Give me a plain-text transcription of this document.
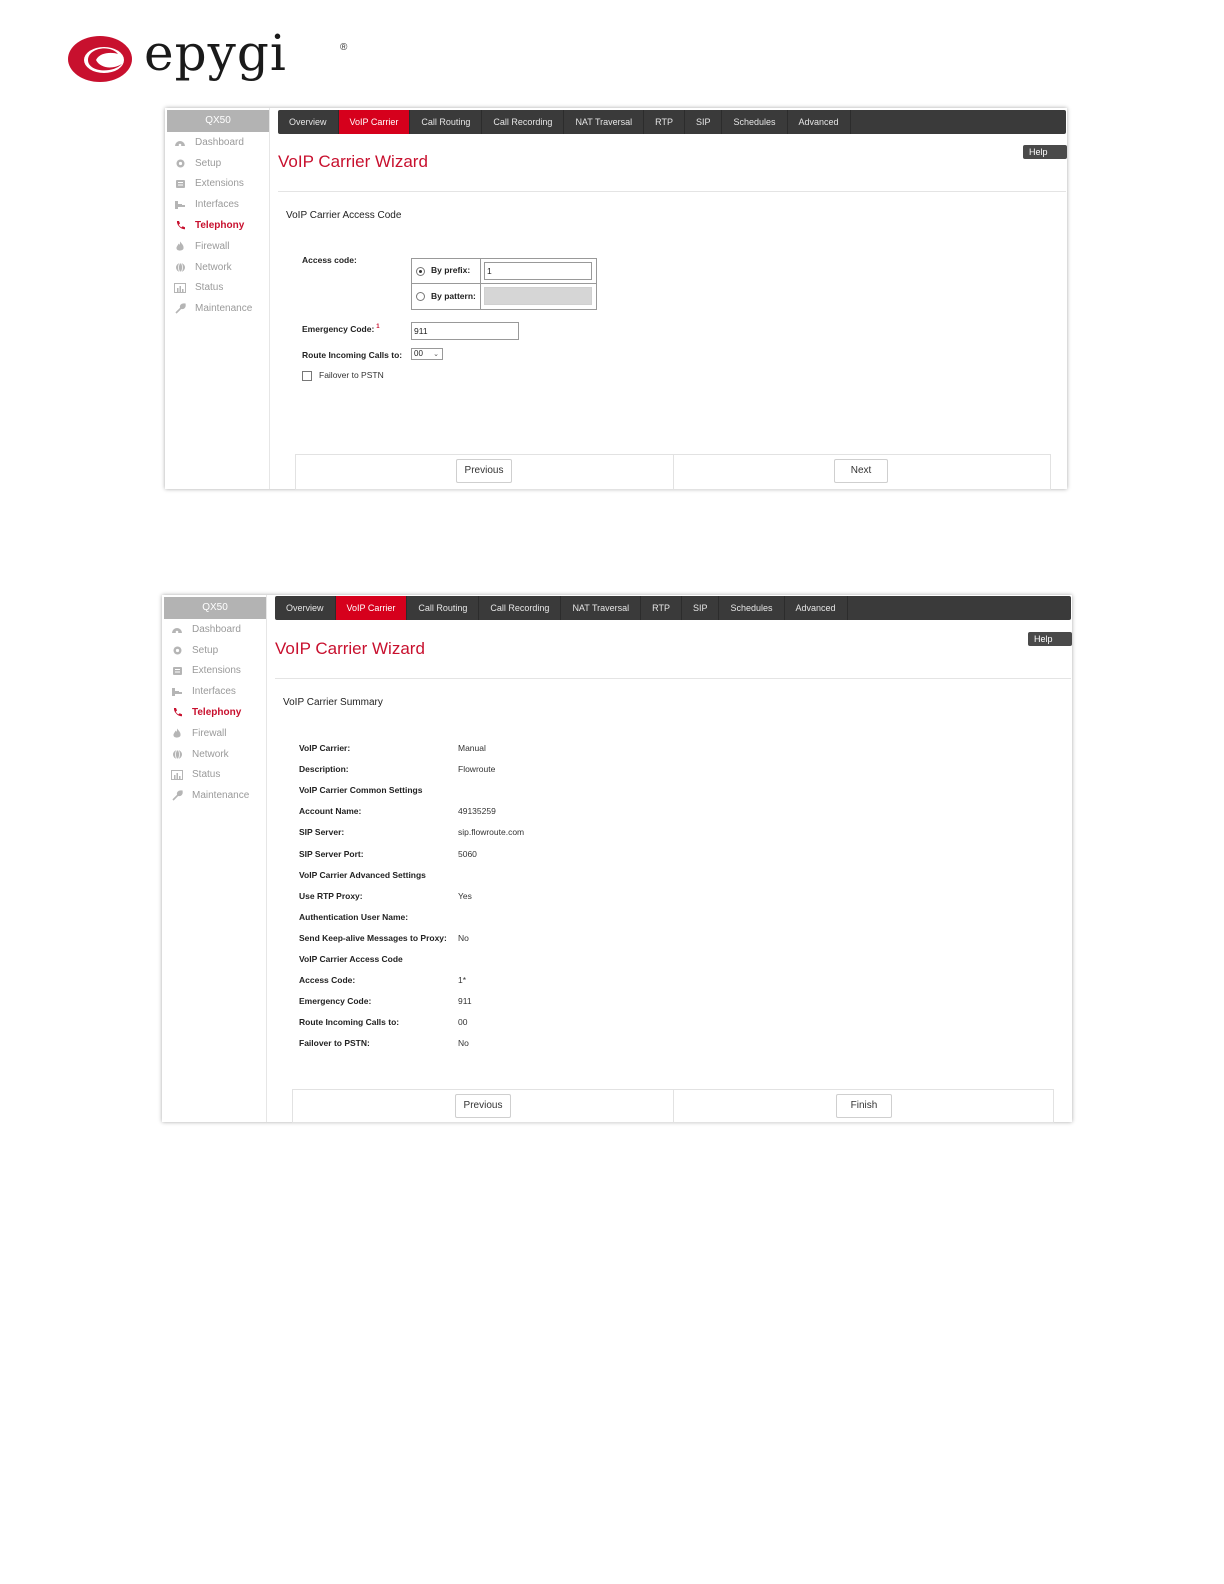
epygi	®
QX50
Dashboard
Setup
Extensions
Interfaces
Telephony
Firewall
Network
Status
Maintenance
Overview	VoIP Carrier	Call Routing	Call Recording	NAT Traversal	RTP	SIP	Schedules	Advanced
Help
VoIP Carrier Wizard
VoIP Carrier Access Code
Access code:
By prefix:	1
By pattern:
Emergency Code: $^1$	911
Route Incoming Calls to:	00 ⌄
Failover to PSTN
Previous	Next
QX50
Dashboard
Setup
Extensions
Interfaces
Telephony
Firewall
Network
Status
Maintenance
Overview	VoIP Carrier	Call Routing	Call Recording	NAT Traversal	RTP	SIP	Schedules	Advanced
Help
VoIP Carrier Wizard
VoIP Carrier Summary
VoIP Carrier:	Manual
Description:	Flowroute
VoIP Carrier Common Settings
Account Name:	49135259
SIP Server:	sip.flowroute.com
SIP Server Port:	5060
VoIP Carrier Advanced Settings
Use RTP Proxy:	Yes
Authentication User Name:
Send Keep-alive Messages to Proxy: No
VoIP Carrier Access Code
Access Code:	1*
Emergency Code:	911
Route Incoming Calls to:	00
Failover to PSTN:	No
Previous	Finish
